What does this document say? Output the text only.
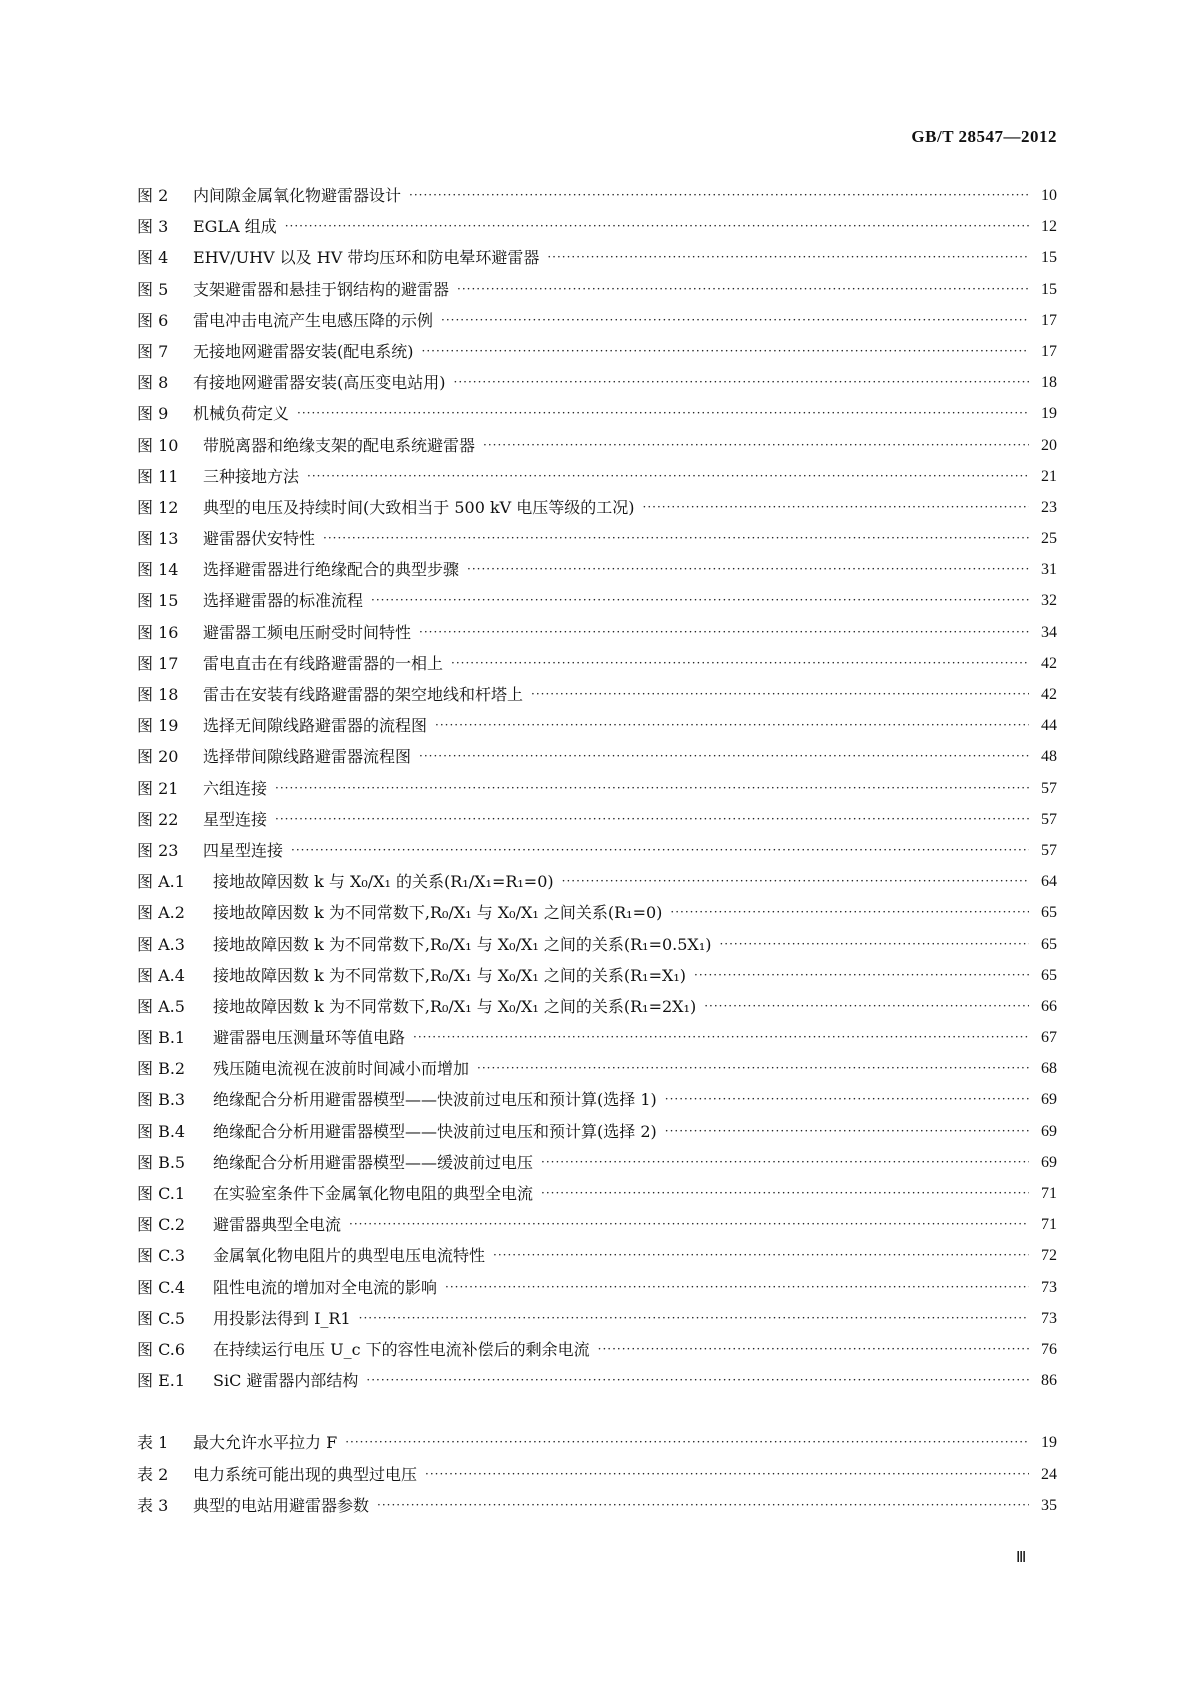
GB/T 28547—2012
图 2	内间隙金属氧化物避雷器设计 ·····	10
图 3	EGLA 组成 ·····	12
图 4	EHV/UHV 以及 HV 带均压环和防电晕环避雷器 ·····	15
图 5	支架避雷器和悬挂于钢结构的避雷器 ·····	15
图 6	雷电冲击电流产生电感压降的示例 ·····	17
图 7	无接地网避雷器安装(配电系统) ·····	17
图 8	有接地网避雷器安装(高压变电站用) ·····	18
图 9	机械负荷定义 ·····	19
图 10	带脱离器和绝缘支架的配电系统避雷器 ·····	20
图 11	三种接地方法 ·····	21
图 12	典型的电压及持续时间(大致相当于 500 kV 电压等级的工况) ·····	23
图 13	避雷器伏安特性 ·····	25
图 14	选择避雷器进行绝缘配合的典型步骤 ·····	31
图 15	选择避雷器的标准流程 ·····	32
图 16	避雷器工频电压耐受时间特性 ·····	34
图 17	雷电直击在有线路避雷器的一相上 ·····	42
图 18	雷击在安装有线路避雷器的架空地线和杆塔上 ·····	42
图 19	选择无间隙线路避雷器的流程图 ·····	44
图 20	选择带间隙线路避雷器流程图 ·····	48
图 21	六组连接 ·····	57
图 22	星型连接 ·····	57
图 23	四星型连接 ·····	57
图 A.1	接地故障因数 k 与 X₀/X₁ 的关系(R₁/X₁=R₁=0) ·····	64
图 A.2	接地故障因数 k 为不同常数下,R₀/X₁ 与 X₀/X₁ 之间关系(R₁=0) ·····	65
图 A.3	接地故障因数 k 为不同常数下,R₀/X₁ 与 X₀/X₁ 之间的关系(R₁=0.5X₁) ·····	65
图 A.4	接地故障因数 k 为不同常数下,R₀/X₁ 与 X₀/X₁ 之间的关系(R₁=X₁) ·····	65
图 A.5	接地故障因数 k 为不同常数下,R₀/X₁ 与 X₀/X₁ 之间的关系(R₁=2X₁) ·····	66
图 B.1	避雷器电压测量环等值电路 ·····	67
图 B.2	残压随电流视在波前时间减小而增加 ·····	68
图 B.3	绝缘配合分析用避雷器模型——快波前过电压和预计算(选择 1) ·····	69
图 B.4	绝缘配合分析用避雷器模型——快波前过电压和预计算(选择 2) ·····	69
图 B.5	绝缘配合分析用避雷器模型——缓波前过电压 ·····	69
图 C.1	在实验室条件下金属氧化物电阻的典型全电流 ·····	71
图 C.2	避雷器典型全电流 ·····	71
图 C.3	金属氧化物电阻片的典型电压电流特性 ·····	72
图 C.4	阻性电流的增加对全电流的影响 ·····	73
图 C.5	用投影法得到 I_R1 ·····	73
图 C.6	在持续运行电压 U_c 下的容性电流补偿后的剩余电流 ·····	76
图 E.1	SiC 避雷器内部结构 ·····	86
表 1	最大允许水平拉力 F ·····	19
表 2	电力系统可能出现的典型过电压 ·····	24
表 3	典型的电站用避雷器参数 ·····	35
Ⅲ
